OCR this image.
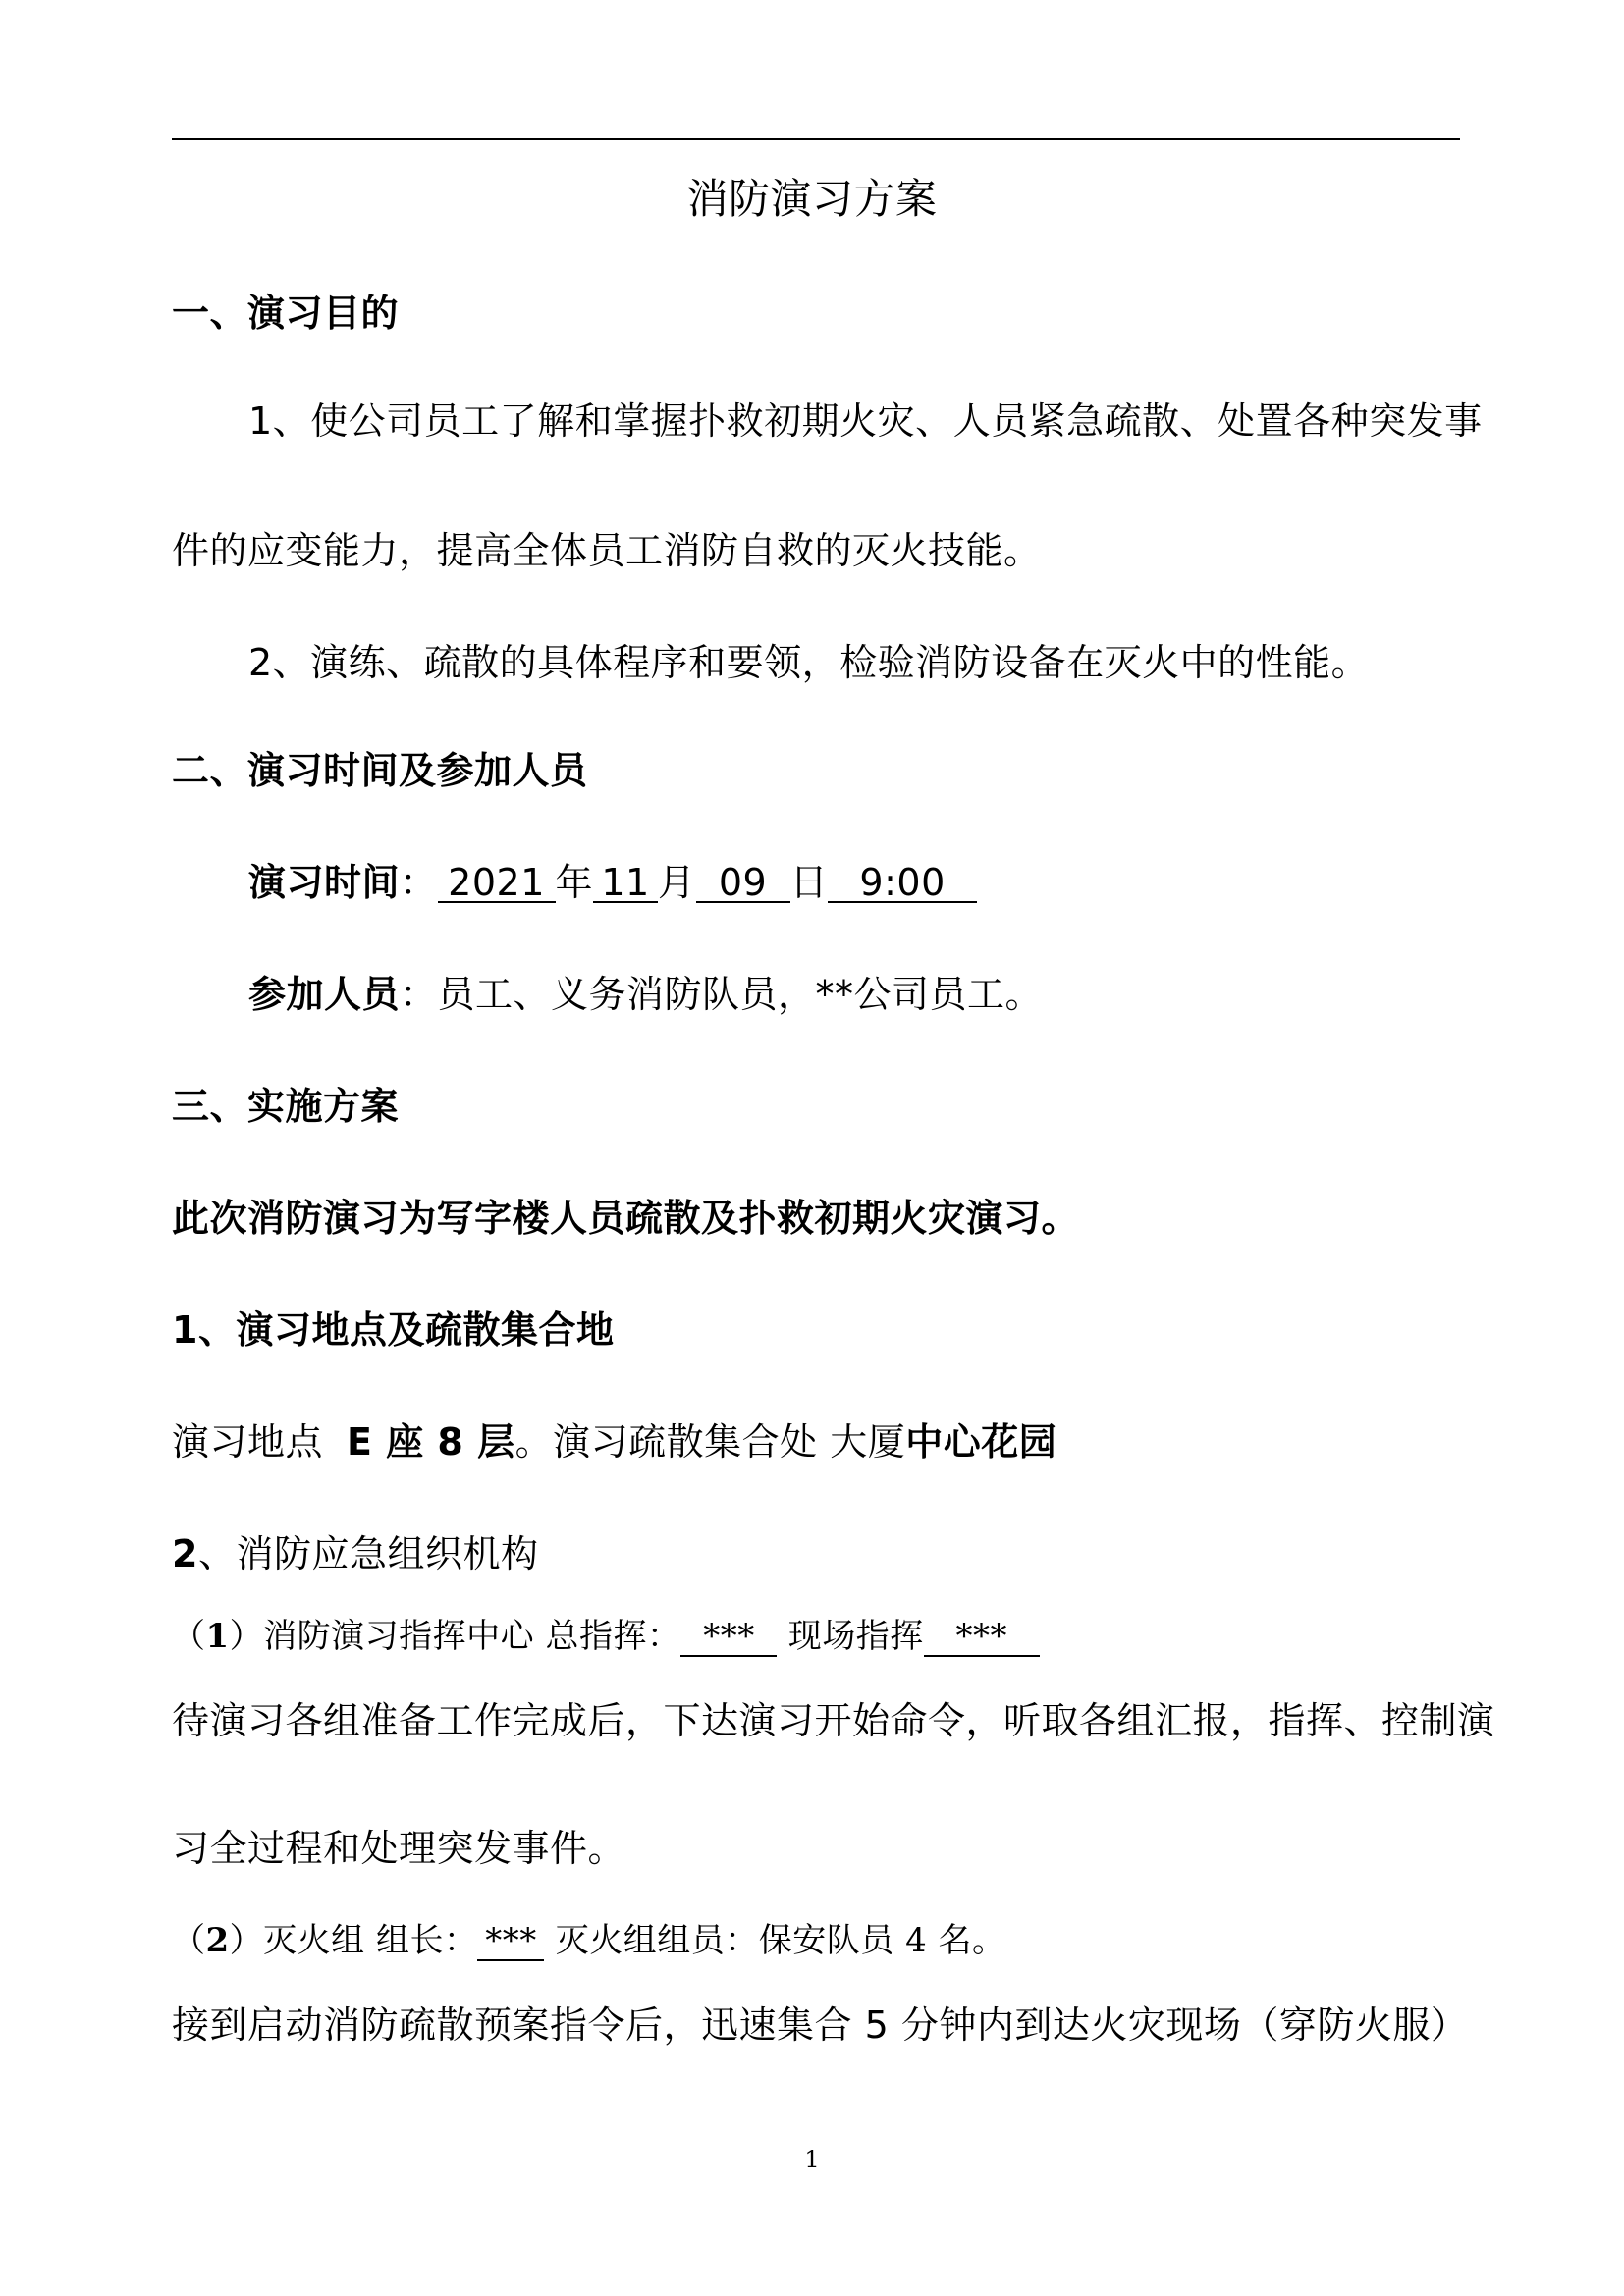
消防演习方案
一、演习目的
1、使公司员工了解和掌握扑救初期火灾、人员紧急疏散、处置各种突发事
件的应变能力，提高全体员工消防自救的灭火技能。
2、演练、疏散的具体程序和要领，检验消防设备在灭火中的性能。
二、演习时间及参加人员
演习时间： 2021 年 11 月 09 日 9:00
参加人员：员工、义务消防队员，**公司员工。
三、实施方案
此次消防演习为写字楼人员疏散及扑救初期火灾演习。
1、演习地点及疏散集合地
演习地点 E 座 8 层。演习疏散集合处 大厦中心花园
2、消防应急组织机构
（1）消防演习指挥中心 总指挥： *** 现场指挥 ***
待演习各组准备工作完成后，下达演习开始命令，听取各组汇报，指挥、控制演
习全过程和处理突发事件。
（2）灭火组 组长： *** 灭火组组员：保安队员 4 名。
接到启动消防疏散预案指令后，迅速集合 5 分钟内到达火灾现场（穿防火服）
1
